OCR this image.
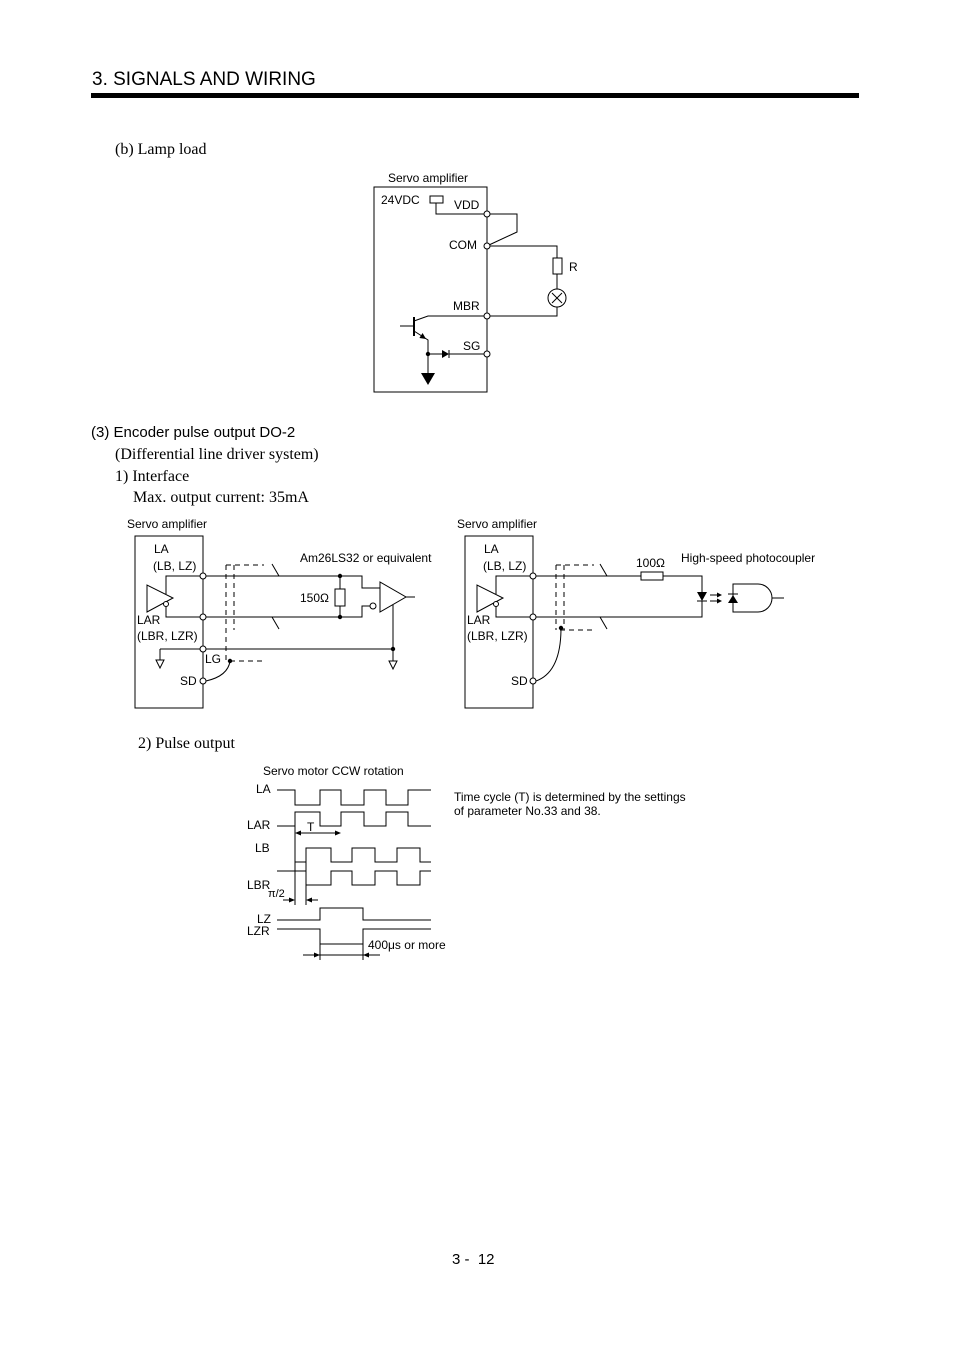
Servo amplifier
24VDC	VDD
COM
MBR
SG
R
Servo amplifier
LA
(LB, LZ)
LAR
(LBR, LZR)
LG
SD
150Ω
Am26LS32 or equivalent
Servo amplifier
LA
(LB, LZ)
LAR
(LBR, LZR)
SD
100Ω High-speed photocoupler
Servo motor CCW rotation
Time cycle (T) is determined by the settings
of parameter No.33 and 38.
LA
LAR	T
LB
LBR
π/2
LZ
LZR
400μs or more
3. SIGNALS AND WIRING
(b) Lamp load
(3) Encoder pulse output DO-2
(Differential line driver system)
1) Interface
Max. output current: 35mA
2) Pulse output
3 -  12
